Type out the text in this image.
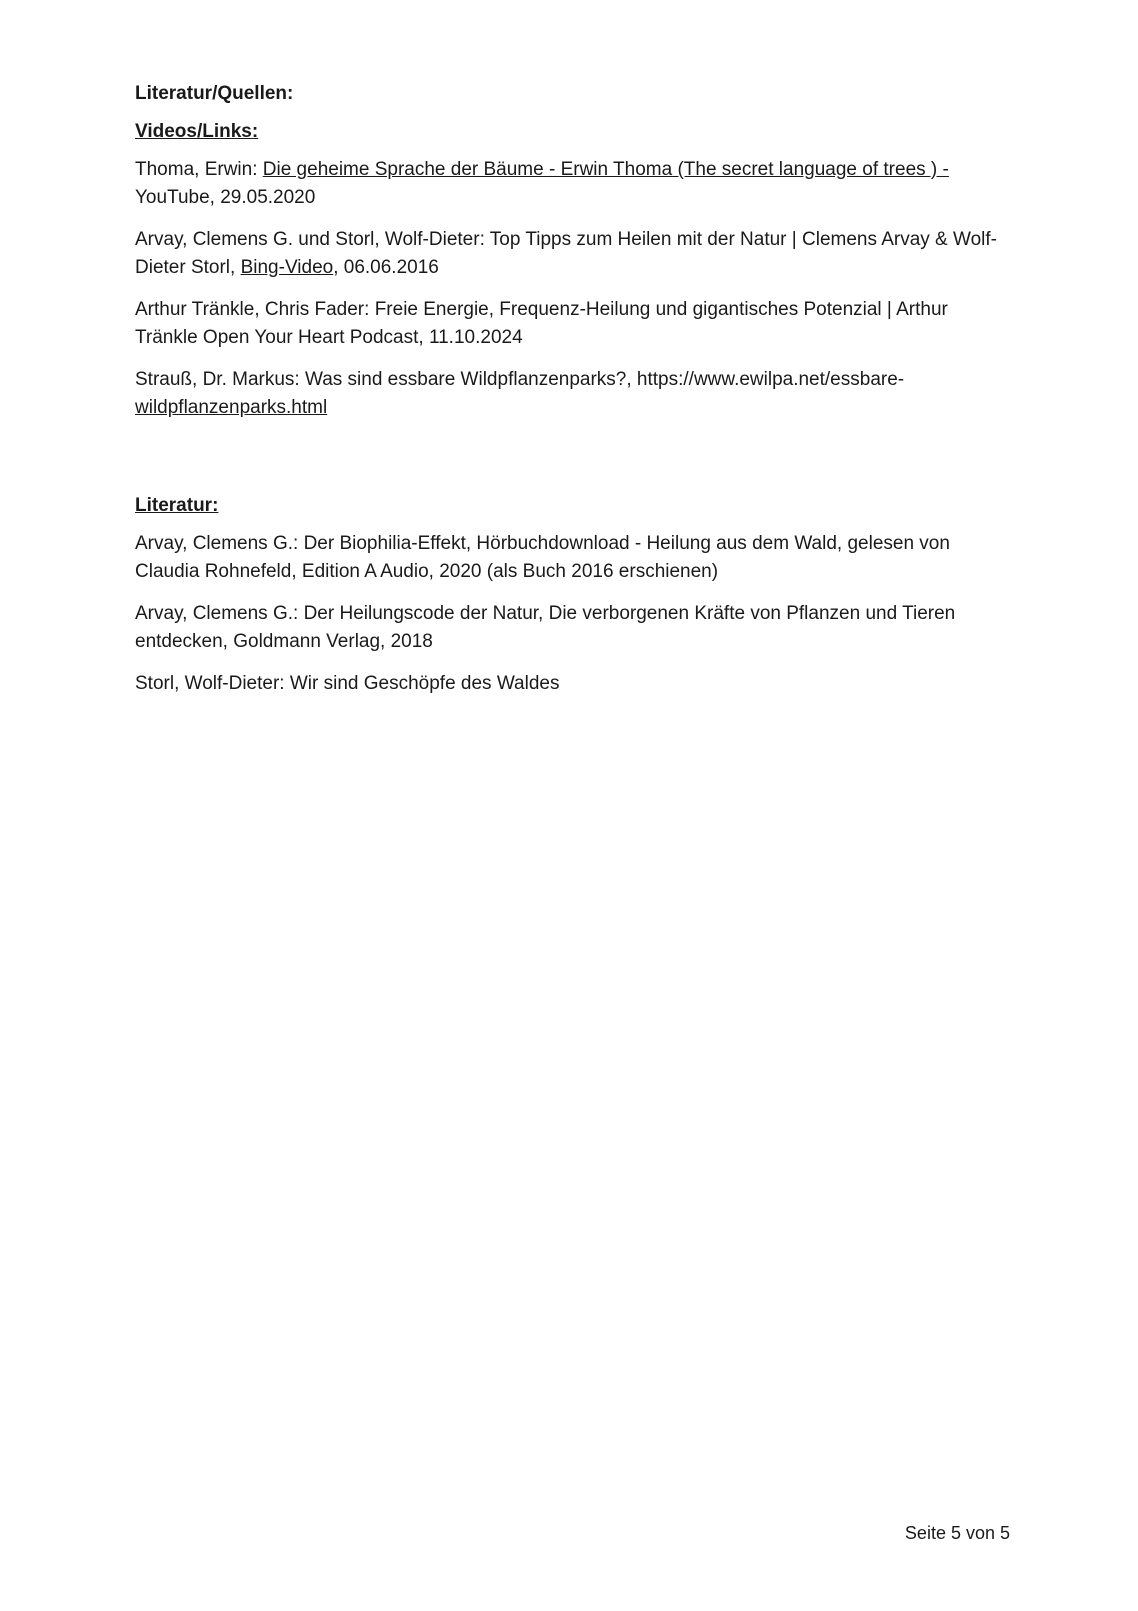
Literatur/Quellen:

Videos/Links:

Thoma, Erwin: Die geheime Sprache der Bäume - Erwin Thoma (The secret language of trees ) -
YouTube, 29.05.2020

Arvay, Clemens G. und Storl, Wolf-Dieter: Top Tipps zum Heilen mit der Natur | Clemens Arvay & Wolf-Dieter Storl, Bing-Video, 06.06.2016

Arthur Tränkle, Chris Fader: Freie Energie, Frequenz-Heilung und gigantisches Potenzial | Arthur Tränkle Open Your Heart Podcast, 11.10.2024

Strauß, Dr. Markus: Was sind essbare Wildpflanzenparks?, https://www.ewilpa.net/essbare-
wildpflanzenparks.html

Literatur:

Arvay, Clemens G.: Der Biophilia-Effekt, Hörbuchdownload - Heilung aus dem Wald, gelesen von Claudia Rohnefeld, Edition A Audio, 2020 (als Buch 2016 erschienen)

Arvay, Clemens G.: Der Heilungscode der Natur, Die verborgenen Kräfte von Pflanzen und Tieren entdecken, Goldmann Verlag, 2018

Storl, Wolf-Dieter: Wir sind Geschöpfe des Waldes

Seite 5 von 5
